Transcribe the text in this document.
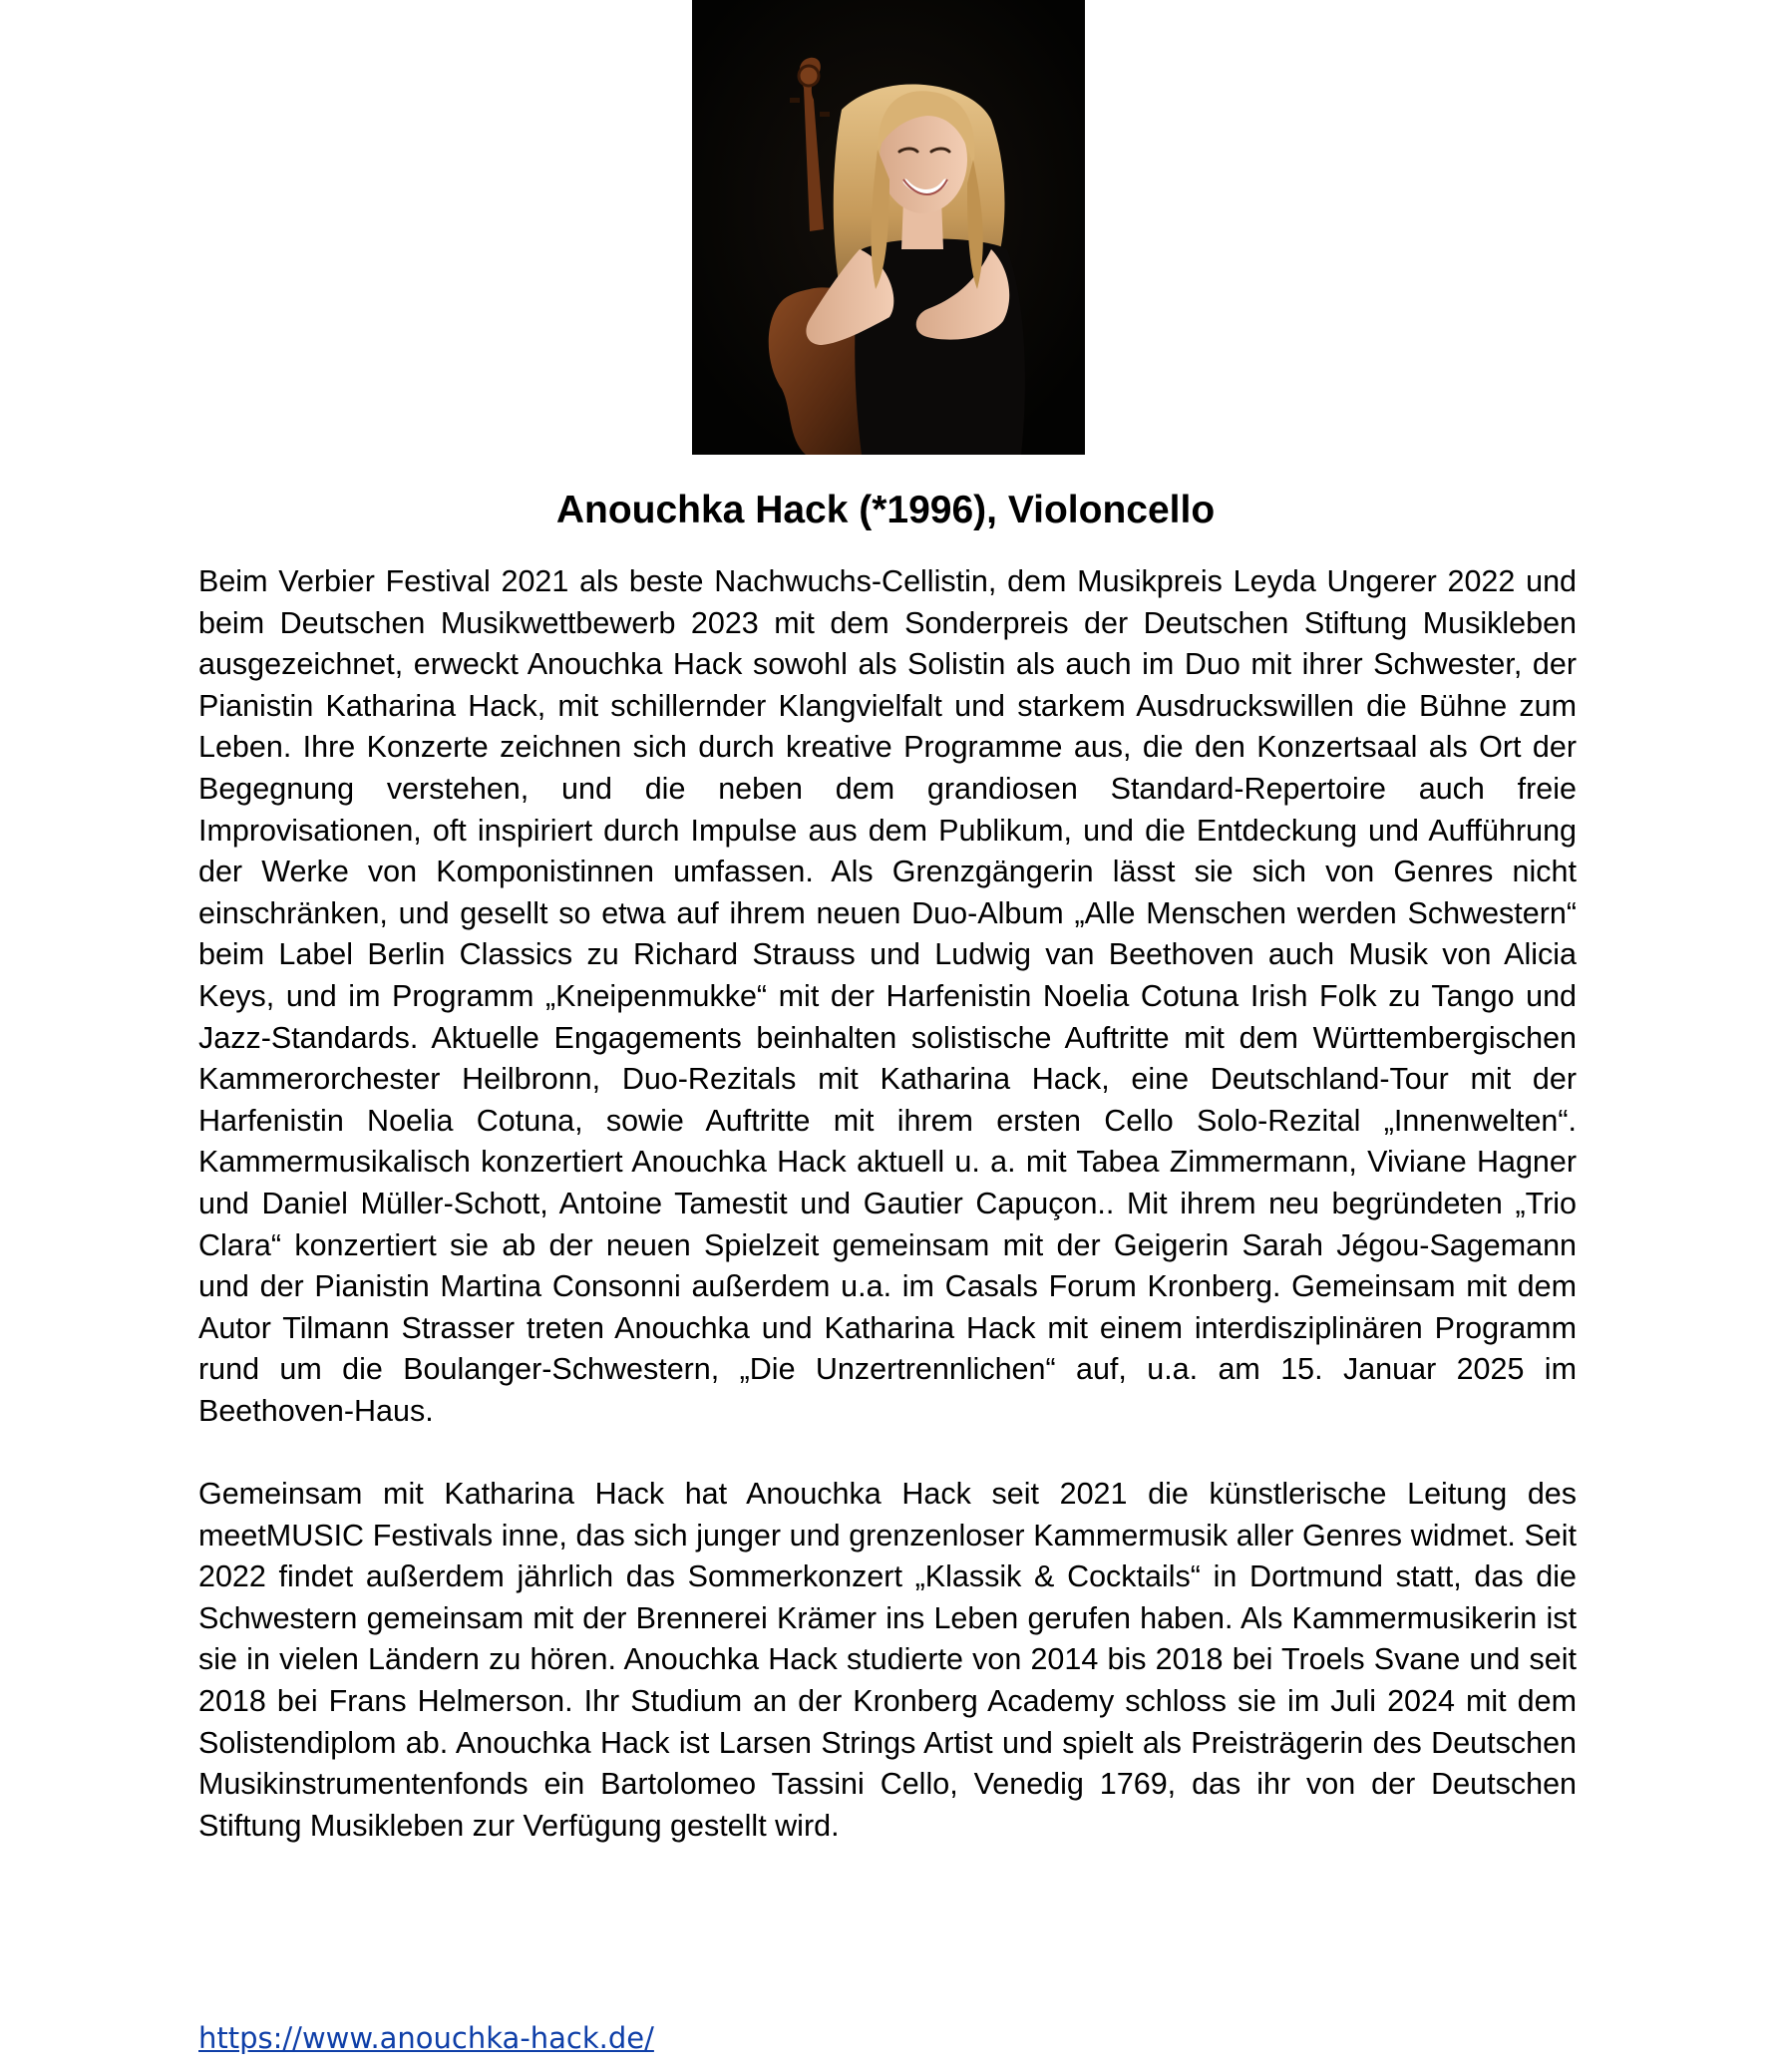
Anouchka Hack (*1996), Violoncello

Beim Verbier Festival 2021 als beste Nachwuchs-Cellistin, dem Musikpreis Leyda Ungerer 2022 und beim Deutschen Musikwettbewerb 2023 mit dem Sonderpreis der Deutschen Stiftung Musikleben ausgezeichnet, erweckt Anouchka Hack sowohl als Solistin als auch im Duo mit ihrer Schwester, der Pianistin Katharina Hack, mit schillernder Klangvielfalt und starkem Ausdruckswillen die Bühne zum Leben. Ihre Konzerte zeichnen sich durch kreative Programme aus, die den Konzertsaal als Ort der Begegnung verstehen, und die neben dem grandiosen Standard-Repertoire auch freie Improvisationen, oft inspiriert durch Impulse aus dem Publikum, und die Entdeckung und Aufführung der Werke von Komponistinnen umfassen. Als Grenzgängerin lässt sie sich von Genres nicht einschränken, und gesellt so etwa auf ihrem neuen Duo-Album „Alle Menschen werden Schwestern“ beim Label Berlin Classics zu Richard Strauss und Ludwig van Beethoven auch Musik von Alicia Keys, und im Programm „Kneipenmukke“ mit der Harfenistin Noelia Cotuna Irish Folk zu Tango und Jazz-Standards. Aktuelle Engagements beinhalten solistische Auftritte mit dem Württembergischen Kammerorchester Heilbronn, Duo-Rezitals mit Katharina Hack, eine Deutschland-Tour mit der Harfenistin Noelia Cotuna, sowie Auftritte mit ihrem ersten Cello Solo-Rezital „Innenwelten“. Kammermusikalisch konzertiert Anouchka Hack aktuell u. a. mit Tabea Zimmermann, Viviane Hagner und Daniel Müller-Schott, Antoine Tamestit und Gautier Capuçon.. Mit ihrem neu begründeten „Trio Clara“ konzertiert sie ab der neuen Spielzeit gemeinsam mit der Geigerin Sarah Jégou-Sagemann und der Pianistin Martina Consonni außerdem u.a. im Casals Forum Kronberg. Gemeinsam mit dem Autor Tilmann Strasser treten Anouchka und Katharina Hack mit einem interdisziplinären Programm rund um die Boulanger-Schwestern, „Die Unzertrennlichen“ auf, u.a. am 15. Januar 2025 im Beethoven-Haus.

Gemeinsam mit Katharina Hack hat Anouchka Hack seit 2021 die künstlerische Leitung des meetMUSIC Festivals inne, das sich junger und grenzenloser Kammermusik aller Genres widmet. Seit 2022 findet außerdem jährlich das Sommerkonzert „Klassik & Cocktails“ in Dortmund statt, das die Schwestern gemeinsam mit der Brennerei Krämer ins Leben gerufen haben. Als Kammermusikerin ist sie in vielen Ländern zu hören. Anouchka Hack studierte von 2014 bis 2018 bei Troels Svane und seit 2018 bei Frans Helmerson. Ihr Studium an der Kronberg Academy schloss sie im Juli 2024 mit dem Solistendiplom ab. Anouchka Hack ist Larsen Strings Artist und spielt als Preisträgerin des Deutschen Musikinstrumentenfonds ein Bartolomeo Tassini Cello, Venedig 1769, das ihr von der Deutschen Stiftung Musikleben zur Verfügung gestellt wird.

https://www.anouchka-hack.de/
